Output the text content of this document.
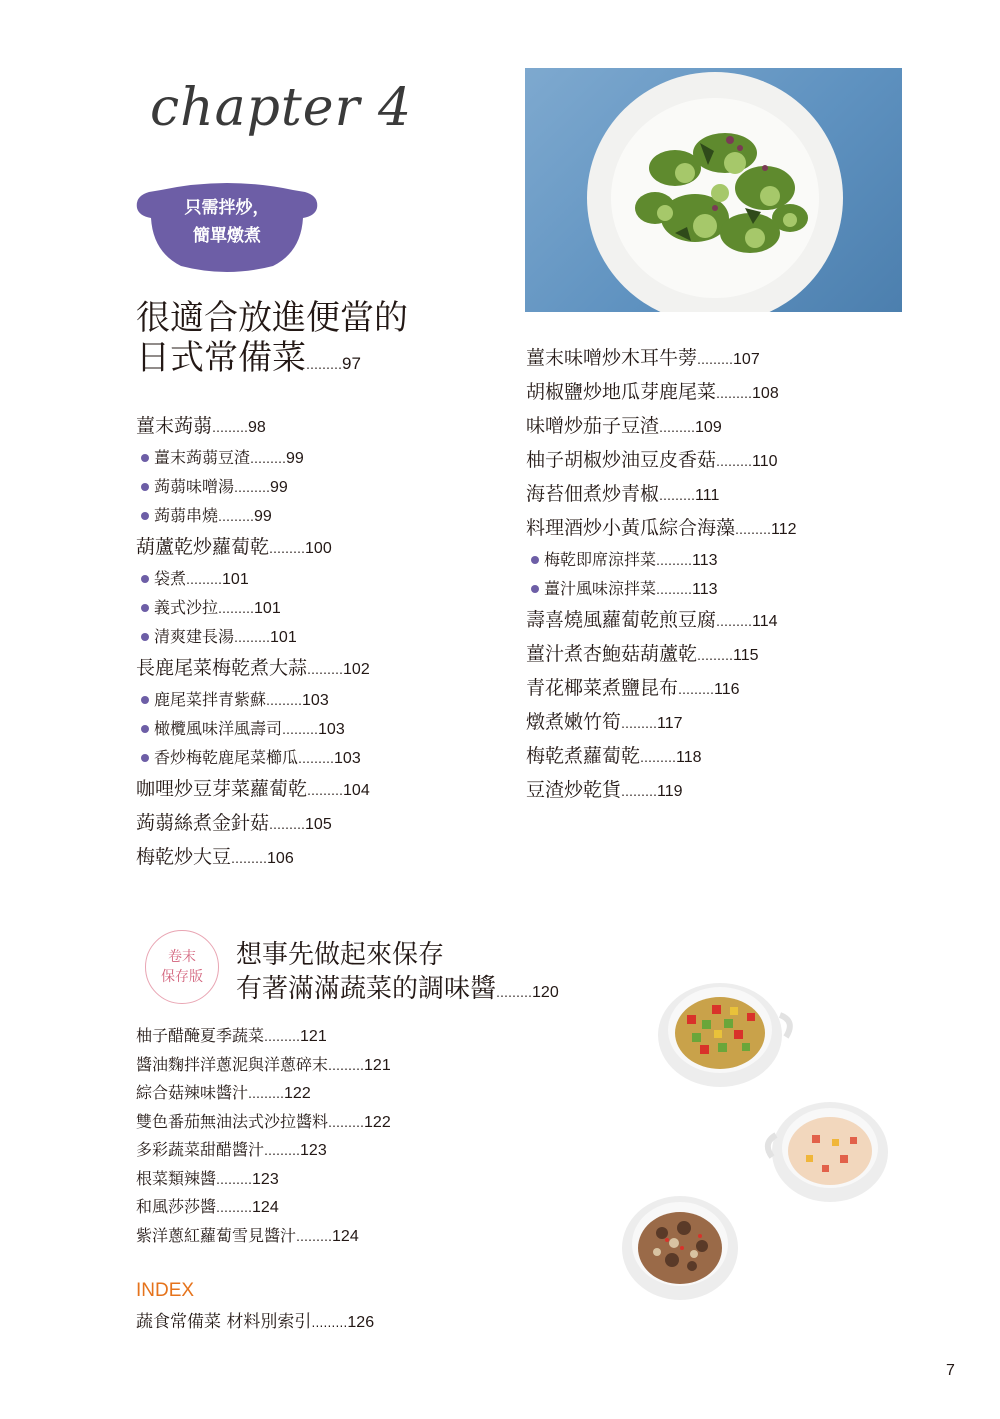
chapter 4
只需拌炒，
簡單燉煮
很適合放進便當的
日式常備菜………97
薑末蒟蒻………98
薑末蒟蒻豆渣………99
蒟蒻味噌湯………99
蒟蒻串燒………99
葫蘆乾炒蘿蔔乾………100
袋煮………101
義式沙拉………101
清爽建長湯………101
長鹿尾菜梅乾煮大蒜………102
鹿尾菜拌青紫蘇………103
橄欖風味洋風壽司………103
香炒梅乾鹿尾菜櫛瓜………103
咖哩炒豆芽菜蘿蔔乾………104
蒟蒻絲煮金針菇………105
梅乾炒大豆………106
薑末味噌炒木耳牛蒡………107
胡椒鹽炒地瓜芽鹿尾菜………108
味噌炒茄子豆渣………109
柚子胡椒炒油豆皮香菇………110
海苔佃煮炒青椒………111
料理酒炒小黃瓜綜合海藻………112
梅乾即席涼拌菜………113
薑汁風味涼拌菜………113
壽喜燒風蘿蔔乾煎豆腐………114
薑汁煮杏鮑菇葫蘆乾………115
青花椰菜煮鹽昆布………116
燉煮嫩竹筍………117
梅乾煮蘿蔔乾………118
豆渣炒乾貨………119
卷末
保存版
想事先做起來保存
有著滿滿蔬菜的調味醬………120
柚子醋醃夏季蔬菜………121
醬油麴拌洋蔥泥與洋蔥碎末………121
綜合菇辣味醬汁………122
雙色番茄無油法式沙拉醬料………122
多彩蔬菜甜醋醬汁………123
根菜類辣醬………123
和風莎莎醬………124
紫洋蔥紅蘿蔔雪見醬汁………124
INDEX
蔬食常備菜 材料別索引………126
7
